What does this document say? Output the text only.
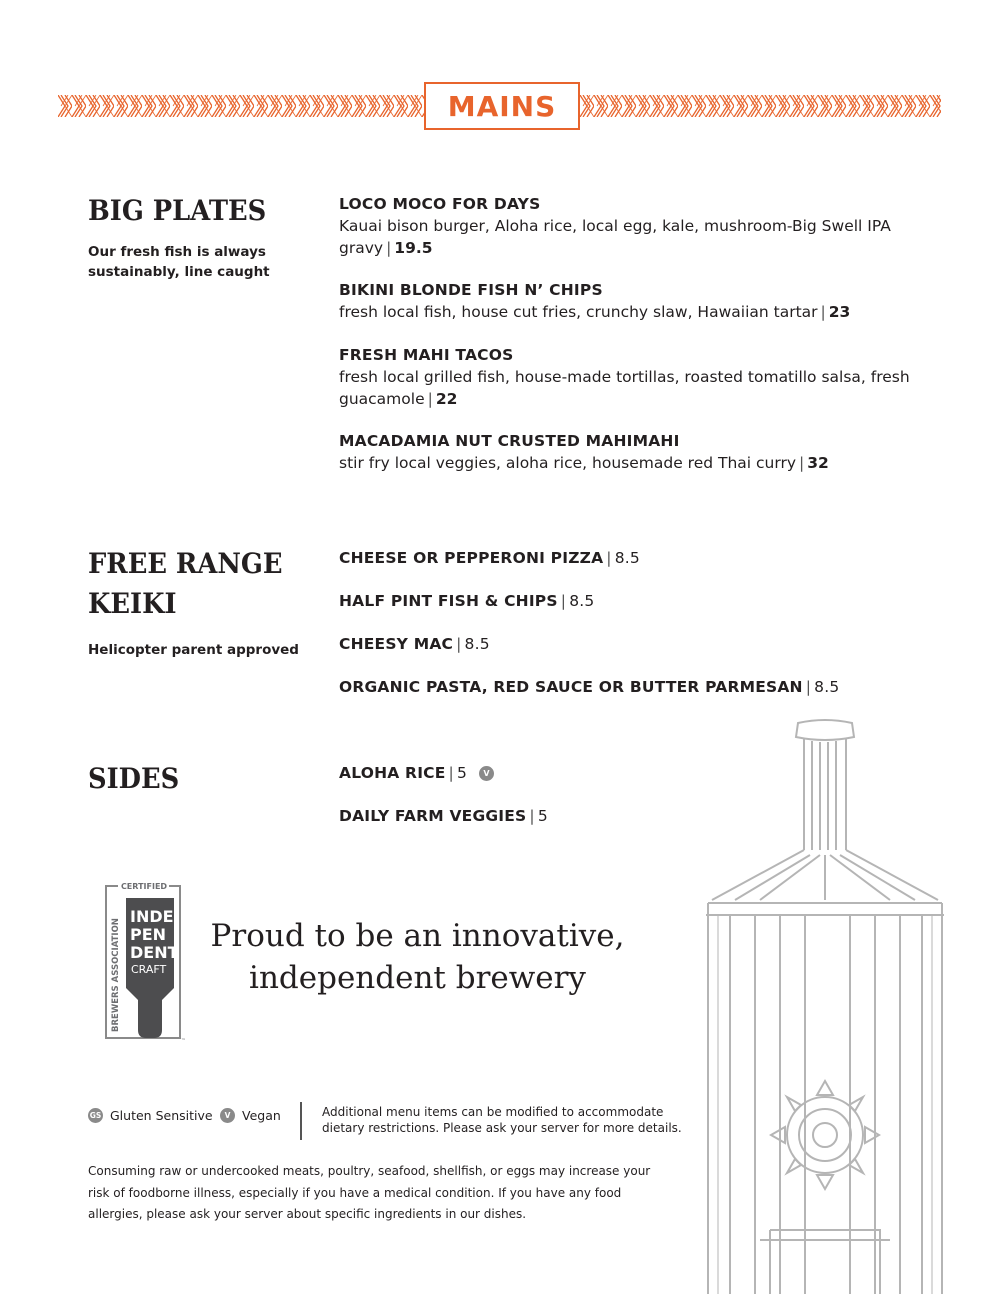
MAINS
BIG PLATES
Our fresh fish is always sustainably, line caught
LOCO MOCO FOR DAYS
Kauai bison burger, Aloha rice, local egg, kale, mushroom-Big Swell IPA gravy | 19.5
BIKINI BLONDE FISH N’ CHIPS
fresh local fish, house cut fries, crunchy slaw, Hawaiian tartar | 23
FRESH MAHI TACOS
fresh local grilled fish, house-made tortillas, roasted tomatillo salsa, fresh guacamole | 22
MACADAMIA NUT CRUSTED MAHIMAHI
stir fry local veggies, aloha rice, housemade red Thai curry | 32
FREE RANGE
KEIKI
Helicopter parent approved
CHEESE OR PEPPERONI PIZZA | 8.5
HALF PINT FISH & CHIPS | 8.5
CHEESY MAC | 8.5
ORGANIC PASTA, RED SAUCE OR BUTTER PARMESAN | 8.5
SIDES	ALOHA RICE | 5 V
DAILY FARM VEGGIES | 5
CERTIFIED
BREWERS ASSOCIATION
INDE
PEN
DENT
CRAFT
™
Proud to be an innovative,
independent brewery
GS Gluten Sensitive	V Vegan	Additional menu items can be modified to accommodate dietary restrictions. Please ask your server for more details.
Consuming raw or undercooked meats, poultry, seafood, shellfish, or eggs may increase your risk of foodborne illness, especially if you have a medical condition. If you have any food allergies, please ask your server about specific ingredients in our dishes.
